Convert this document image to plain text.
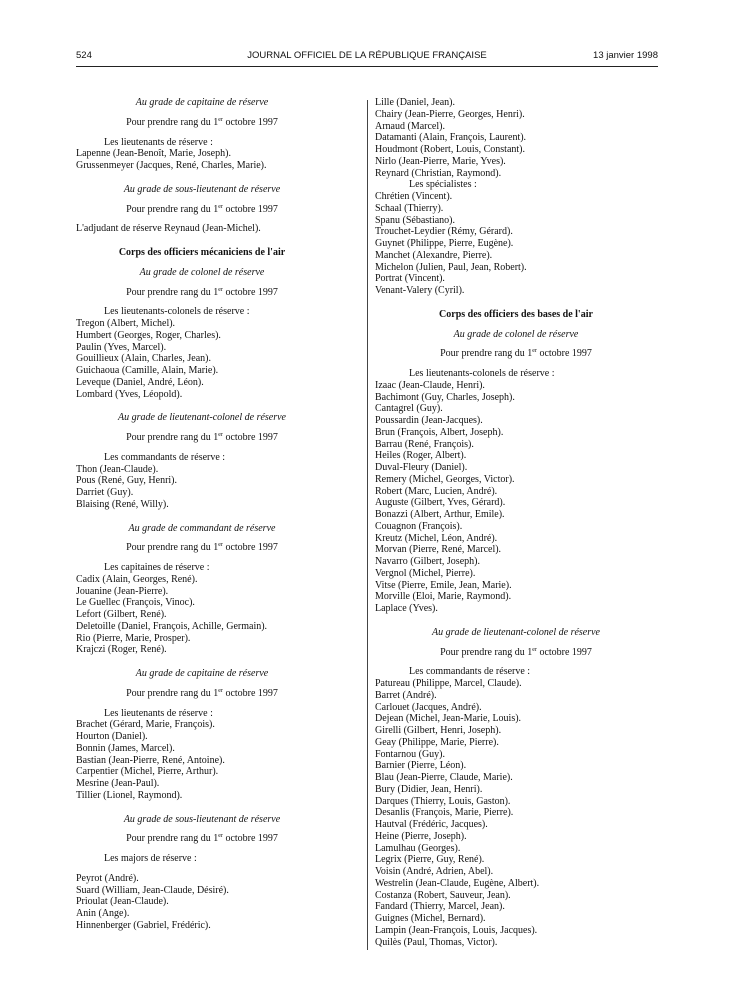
524	JOURNAL OFFICIEL DE LA RÉPUBLIQUE FRANÇAISE	13 janvier 1998
Au grade de capitaine de réserve
Pour prendre rang du 1er octobre 1997
Les lieutenants de réserve :
Lapenne (Jean-Benoît, Marie, Joseph).
Grussenmeyer (Jacques, René, Charles, Marie).
Au grade de sous-lieutenant de réserve
Pour prendre rang du 1er octobre 1997
L'adjudant de réserve Reynaud (Jean-Michel).
Corps des officiers mécaniciens de l'air
Au grade de colonel de réserve
Pour prendre rang du 1er octobre 1997
Les lieutenants-colonels de réserve :
Tregon (Albert, Michel).
Humbert (Georges, Roger, Charles).
Paulin (Yves, Marcel).
Gouillieux (Alain, Charles, Jean).
Guichaoua (Camille, Alain, Marie).
Leveque (Daniel, André, Léon).
Lombard (Yves, Léopold).
Au grade de lieutenant-colonel de réserve
Pour prendre rang du 1er octobre 1997
Les commandants de réserve :
Thon (Jean-Claude).
Pous (René, Guy, Henri).
Darriet (Guy).
Blaising (René, Willy).
Au grade de commandant de réserve
Pour prendre rang du 1er octobre 1997
Les capitaines de réserve :
Cadix (Alain, Georges, René).
Jouanine (Jean-Pierre).
Le Guellec (François, Vinoc).
Lefort (Gilbert, René).
Deletoille (Daniel, François, Achille, Germain).
Rio (Pierre, Marie, Prosper).
Krajczi (Roger, René).
Au grade de capitaine de réserve
Pour prendre rang du 1er octobre 1997
Les lieutenants de réserve :
Brachet (Gérard, Marie, François).
Hourton (Daniel).
Bonnin (James, Marcel).
Bastian (Jean-Pierre, René, Antoine).
Carpentier (Michel, Pierre, Arthur).
Mesrine (Jean-Paul).
Tillier (Lionel, Raymond).
Au grade de sous-lieutenant de réserve
Pour prendre rang du 1er octobre 1997
Les majors de réserve :
Peyrot (André).
Suard (William, Jean-Claude, Désiré).
Prioulat (Jean-Claude).
Anin (Ange).
Hinnenberger (Gabriel, Frédéric).
Lille (Daniel, Jean).
Chairy (Jean-Pierre, Georges, Henri).
Arnaud (Marcel).
Datamanti (Alain, François, Laurent).
Houdmont (Robert, Louis, Constant).
Nirlo (Jean-Pierre, Marie, Yves).
Reynard (Christian, Raymond).
Les spécialistes :
Chrétien (Vincent).
Schaal (Thierry).
Spanu (Sébastiano).
Trouchet-Leydier (Rémy, Gérard).
Guynet (Philippe, Pierre, Eugène).
Manchet (Alexandre, Pierre).
Michelon (Julien, Paul, Jean, Robert).
Portrat (Vincent).
Venant-Valery (Cyril).
Corps des officiers des bases de l'air
Au grade de colonel de réserve
Pour prendre rang du 1er octobre 1997
Les lieutenants-colonels de réserve :
Izaac (Jean-Claude, Henri).
Bachimont (Guy, Charles, Joseph).
Cantagrel (Guy).
Poussardin (Jean-Jacques).
Brun (François, Albert, Joseph).
Barrau (René, François).
Heiles (Roger, Albert).
Duval-Fleury (Daniel).
Remery (Michel, Georges, Victor).
Robert (Marc, Lucien, André).
Auguste (Gilbert, Yves, Gérard).
Bonazzi (Albert, Arthur, Emile).
Couagnon (François).
Kreutz (Michel, Léon, André).
Morvan (Pierre, René, Marcel).
Navarro (Gilbert, Joseph).
Vergnol (Michel, Pierre).
Vitse (Pierre, Emile, Jean, Marie).
Morville (Eloi, Marie, Raymond).
Laplace (Yves).
Au grade de lieutenant-colonel de réserve
Pour prendre rang du 1er octobre 1997
Les commandants de réserve :
Patureau (Philippe, Marcel, Claude).
Barret (André).
Carlouet (Jacques, André).
Dejean (Michel, Jean-Marie, Louis).
Girelli (Gilbert, Henri, Joseph).
Geay (Philippe, Marie, Pierre).
Fontarnou (Guy).
Barnier (Pierre, Léon).
Blau (Jean-Pierre, Claude, Marie).
Bury (Didier, Jean, Henri).
Darques (Thierry, Louis, Gaston).
Desanlis (François, Marie, Pierre).
Hautval (Frédéric, Jacques).
Heine (Pierre, Joseph).
Lamulhau (Georges).
Legrix (Pierre, Guy, René).
Voisin (André, Adrien, Abel).
Westrelin (Jean-Claude, Eugène, Albert).
Costanza (Robert, Sauveur, Jean).
Fandard (Thierry, Marcel, Jean).
Guignes (Michel, Bernard).
Lampin (Jean-François, Louis, Jacques).
Quilès (Paul, Thomas, Victor).
